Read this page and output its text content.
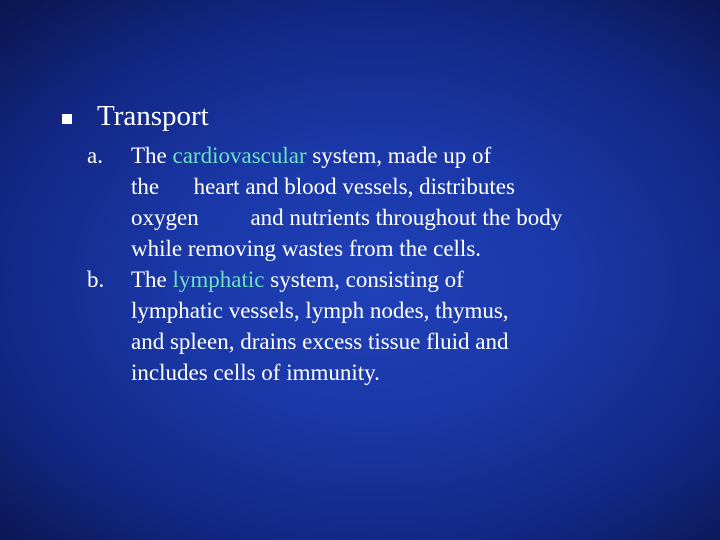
Transport
a. The cardiovascular system, made up of
the      heart and blood vessels, distributes
oxygen         and nutrients throughout the body
while removing wastes from the cells.
b. The lymphatic system, consisting of
lymphatic vessels, lymph nodes, thymus,
and spleen, drains excess tissue fluid and
includes cells of immunity.
